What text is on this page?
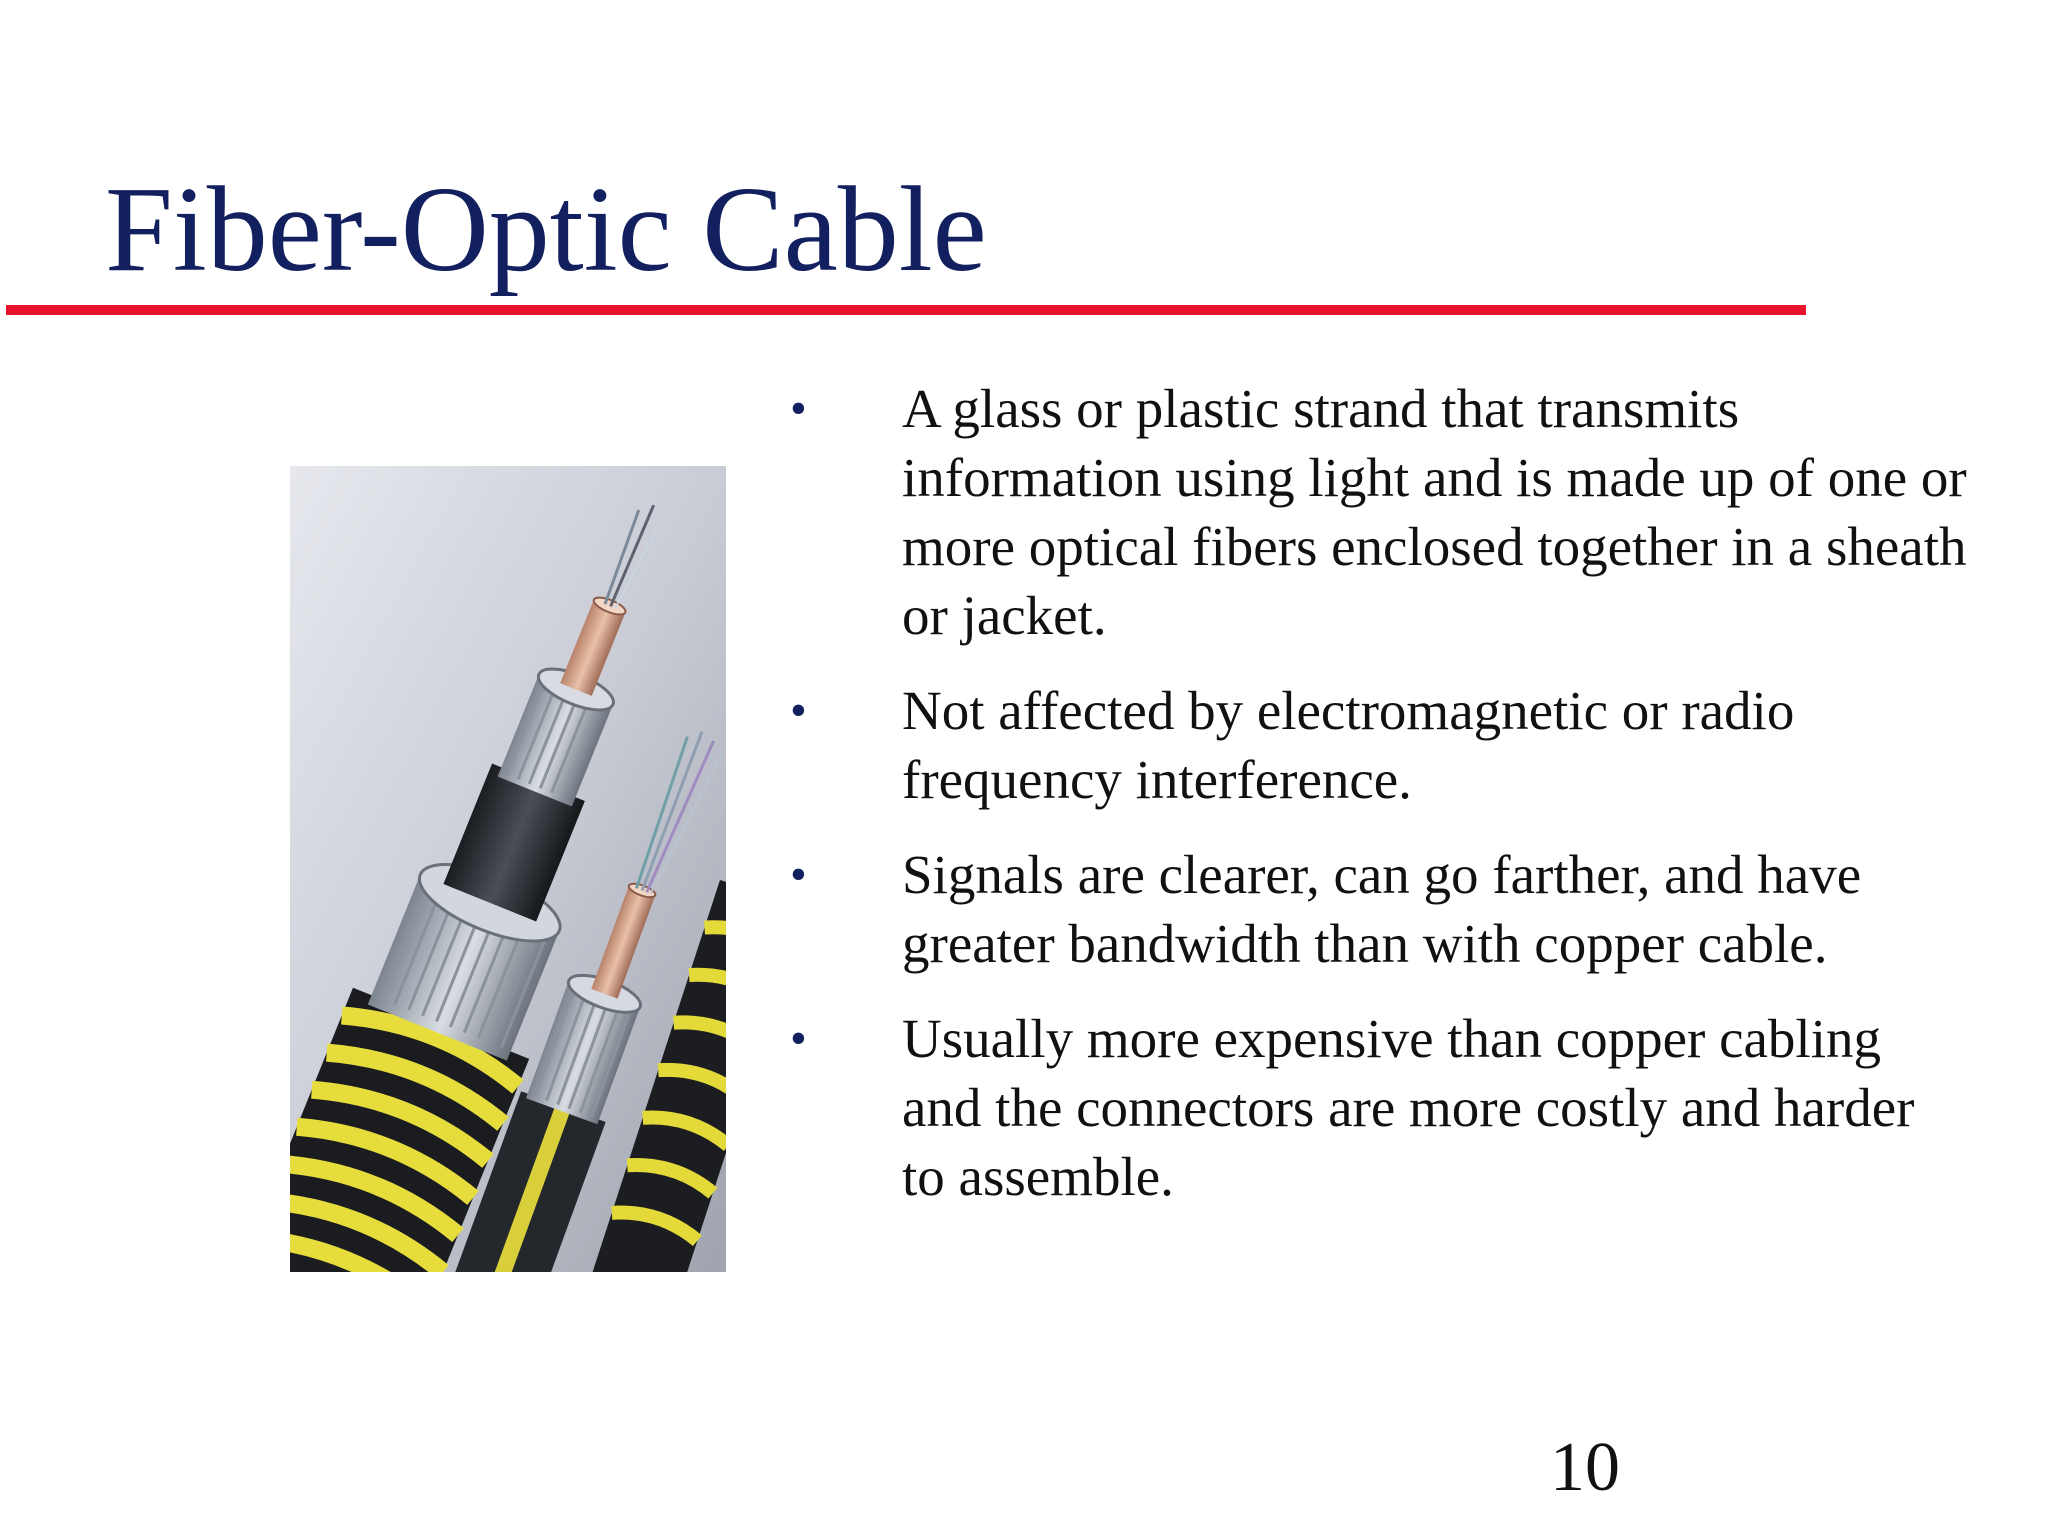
Fiber-Optic Cable
• A glass or plastic strand that transmits information using light and is made up of one or more optical fibers enclosed together in a sheath or jacket.
• Not affected by electromagnetic or radio frequency interference.
• Signals are clearer, can go farther, and have greater bandwidth than with copper cable.
• Usually more expensive than copper cabling and the connectors are more costly and harder to assemble.
10
